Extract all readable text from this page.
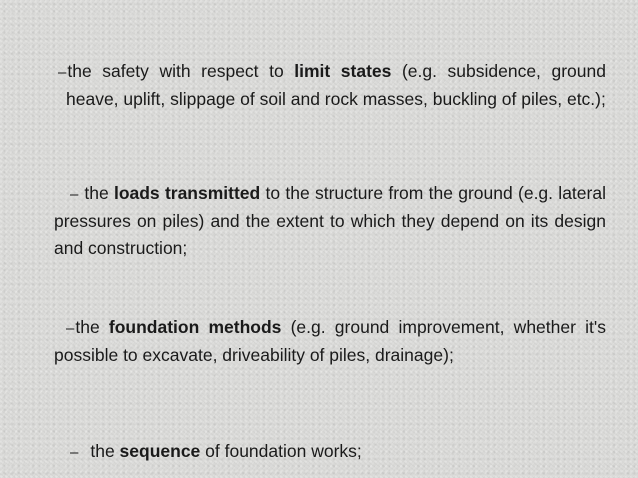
–the safety with respect to limit states (e.g. subsidence, ground heave, uplift, slippage of soil and rock masses, buckling of piles, etc.);
– the loads transmitted to the structure from the ground (e.g. lateral pressures on piles) and the extent to which they depend on its design and construction;
–the foundation methods (e.g. ground improvement, whether it's possible to excavate, driveability of piles, drainage);
– the sequence of foundation works;
